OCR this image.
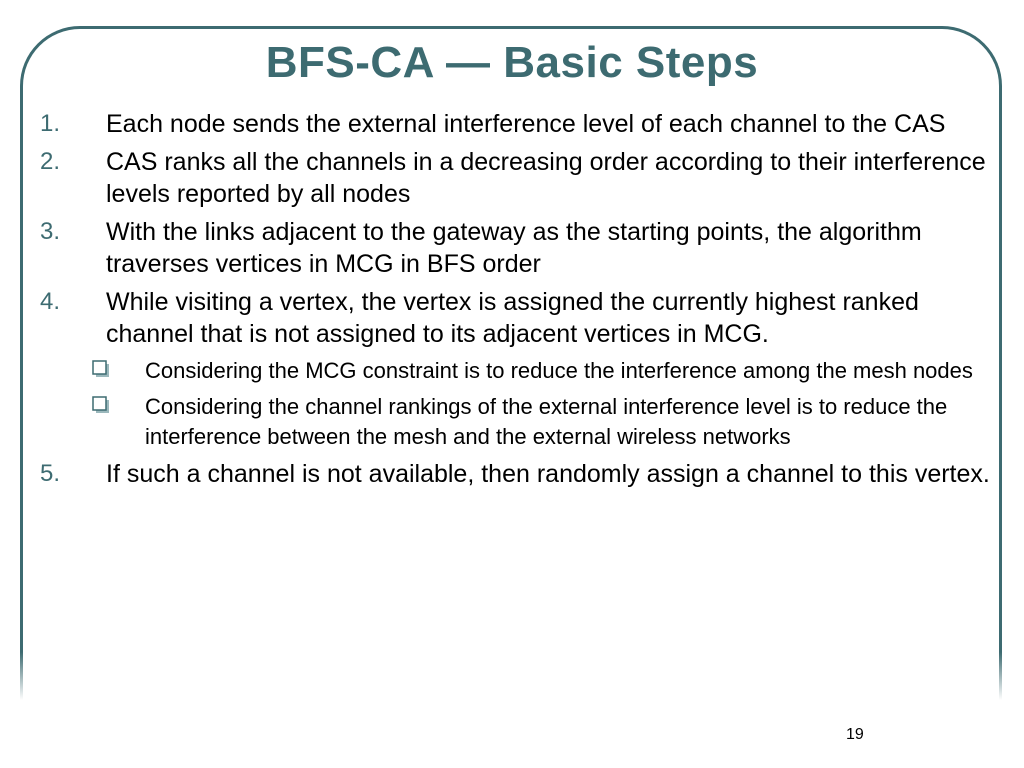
BFS-CA — Basic Steps
1. Each node sends the external interference level of each channel to the CAS
2. CAS ranks all the channels in a decreasing order according to their interference levels reported by all nodes
3. With the links adjacent to the gateway as the starting points, the algorithm traverses vertices in MCG in BFS order
4. While visiting a vertex, the vertex is assigned the currently highest ranked channel that is not assigned to its adjacent vertices in MCG.
Considering the MCG constraint is to reduce the interference among the mesh nodes
Considering the channel rankings of the external interference level is to reduce the interference between the mesh and the external wireless networks
5. If such a channel is not available, then randomly assign a channel to this vertex.
19
